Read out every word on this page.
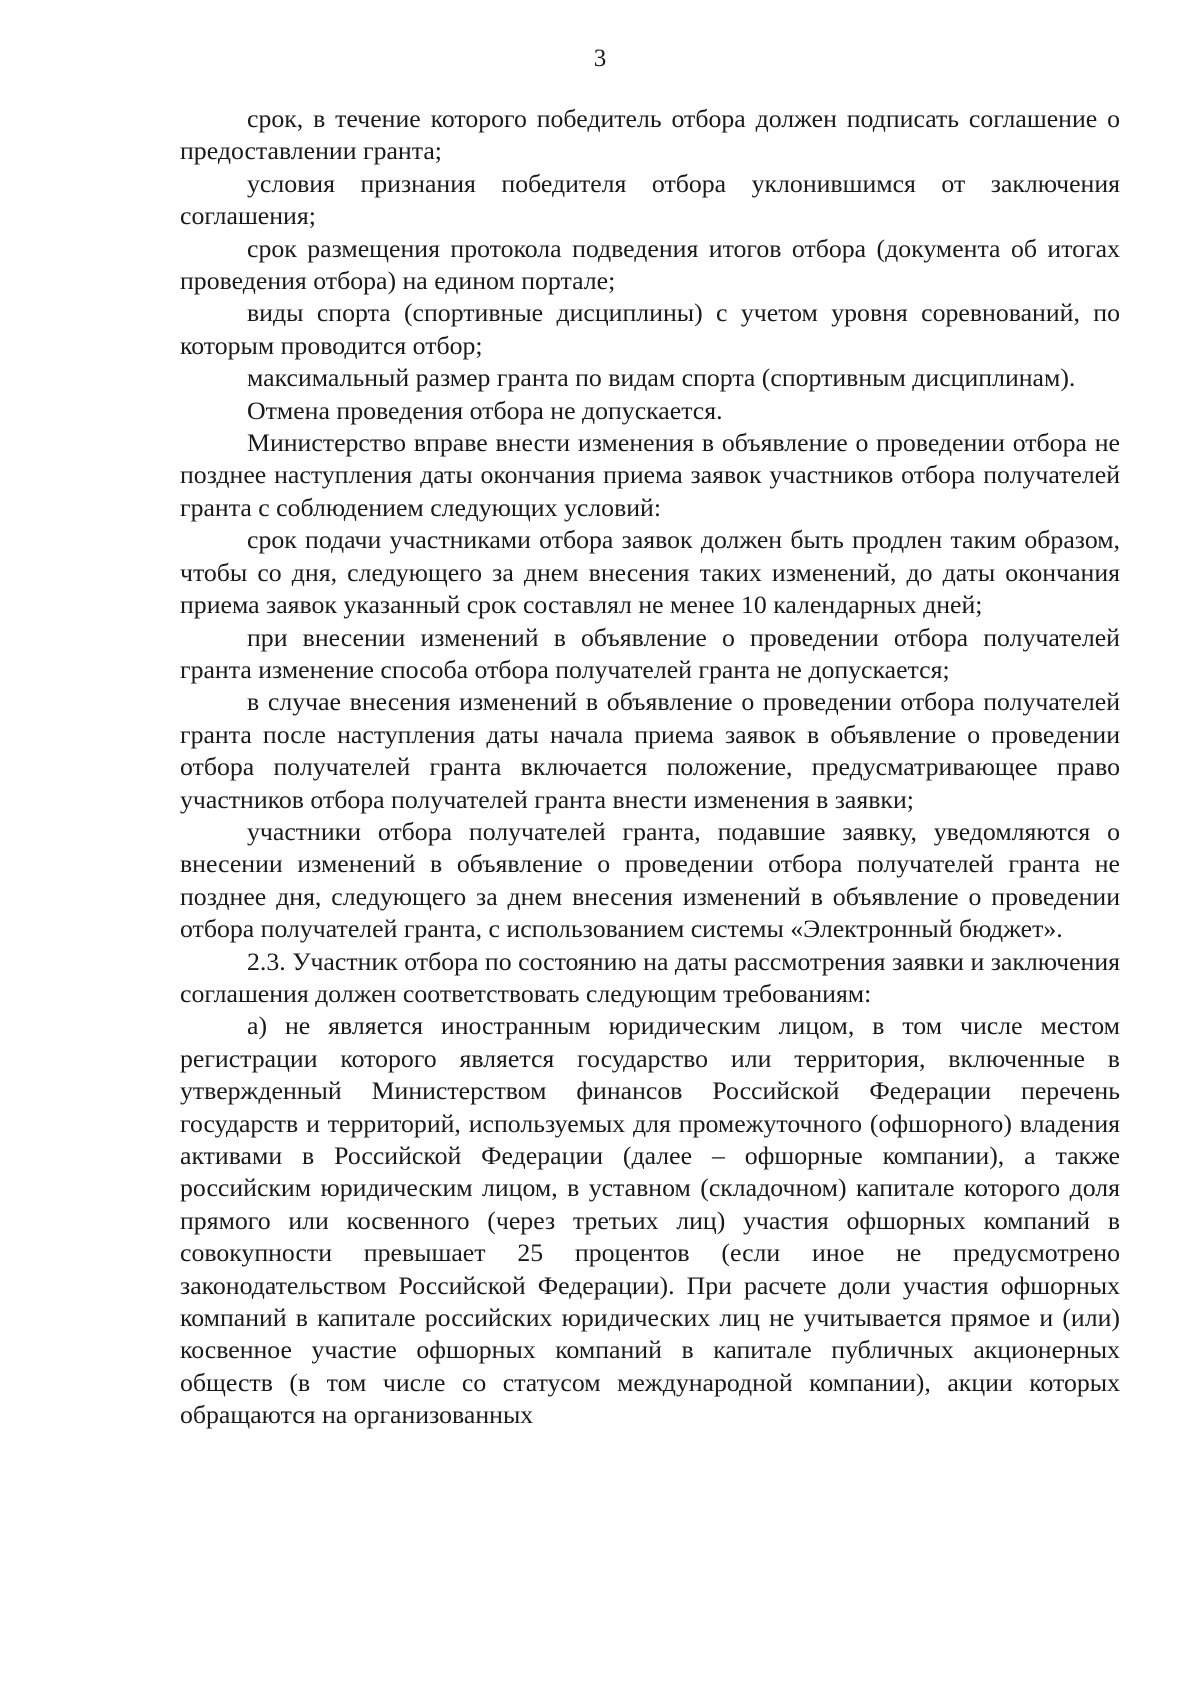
3

срок, в течение которого победитель отбора должен подписать соглашение о предоставлении гранта;

условия признания победителя отбора уклонившимся от заключения соглашения;

срок размещения протокола подведения итогов отбора (документа об итогах проведения отбора) на едином портале;

виды спорта (спортивные дисциплины) с учетом уровня соревнований, по которым проводится отбор;

максимальный размер гранта по видам спорта (спортивным дисциплинам).

Отмена проведения отбора не допускается.

Министерство вправе внести изменения в объявление о проведении отбора не позднее наступления даты окончания приема заявок участников отбора получателей гранта с соблюдением следующих условий:

срок подачи участниками отбора заявок должен быть продлен таким образом, чтобы со дня, следующего за днем внесения таких изменений, до даты окончания приема заявок указанный срок составлял не менее 10 календарных дней;

при внесении изменений в объявление о проведении отбора получателей гранта изменение способа отбора получателей гранта не допускается;

в случае внесения изменений в объявление о проведении отбора получателей гранта после наступления даты начала приема заявок в объявление о проведении отбора получателей гранта включается положение, предусматривающее право участников отбора получателей гранта внести изменения в заявки;

участники отбора получателей гранта, подавшие заявку, уведомляются о внесении изменений в объявление о проведении отбора получателей гранта не позднее дня, следующего за днем внесения изменений в объявление о проведении отбора получателей гранта, с использованием системы «Электронный бюджет».

2.3. Участник отбора по состоянию на даты рассмотрения заявки и заключения соглашения должен соответствовать следующим требованиям:

а) не является иностранным юридическим лицом, в том числе местом регистрации которого является государство или территория, включенные в утвержденный Министерством финансов Российской Федерации перечень государств и территорий, используемых для промежуточного (офшорного) владения активами в Российской Федерации (далее – офшорные компании), а также российским юридическим лицом, в уставном (складочном) капитале которого доля прямого или косвенного (через третьих лиц) участия офшорных компаний в совокупности превышает 25 процентов (если иное не предусмотрено законодательством Российской Федерации). При расчете доли участия офшорных компаний в капитале российских юридических лиц не учитывается прямое и (или) косвенное участие офшорных компаний в капитале публичных акционерных обществ (в том числе со статусом международной компании), акции которых обращаются на организованных
